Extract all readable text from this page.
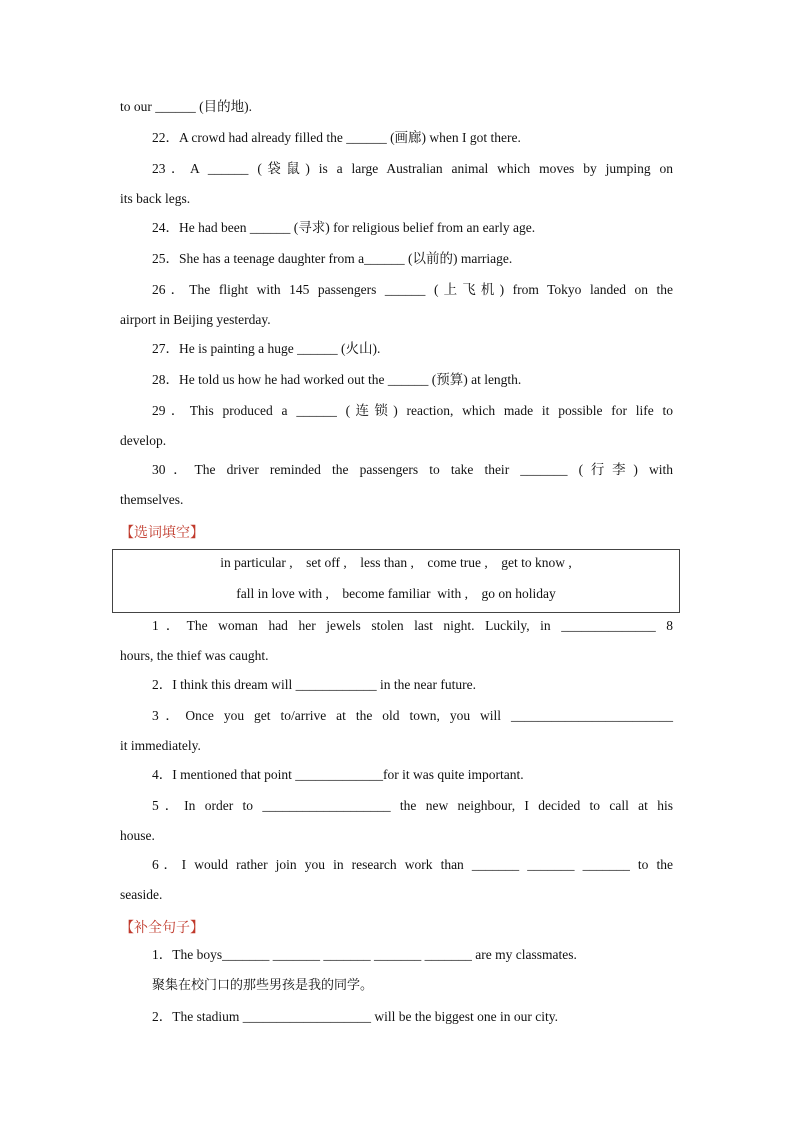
to our ______ (目的地).
22．A crowd had already filled the ______ (画廊) when I got there.
23．A ______ (袋鼠) is a large Australian animal which moves by jumping on
its back legs.
24．He had been ______ (寻求) for religious belief from an early age.
25．She has a teenage daughter from a______ (以前的) marriage.
26．The flight with 145 passengers ______ (上飞机) from Tokyo landed on the
airport in Beijing yesterday.
27．He is painting a huge ______ (火山).
28．He told us how he had worked out the ______ (预算) at length.
29．This produced a ______ (连锁) reaction, which made it possible for life to
develop.
30．The driver reminded the passengers to take their _______ (行李) with
themselves.
【选词填空】
in particular ,    set off ,    less than ,    come true ,    get to know ,
fall in love with ,    become familiar  with ,    go on holiday
1．The woman had her jewels stolen last night. Luckily, in ______________ 8
hours, the thief was caught.
2．I think this dream will ____________ in the near future.
3．Once you get to/arrive at the old town, you will ________________________
it immediately.
4．I mentioned that point _____________for it was quite important.
5．In order to ___________________ the new neighbour, I decided to call at his
house.
6．I would rather join you in research work than _______ _______ _______ to the
seaside.
【补全句子】
1．The boys_______ _______ _______ _______ _______ are my classmates.
聚集在校门口的那些男孩是我的同学。
2．The stadium ___________________ will be the biggest one in our city.
